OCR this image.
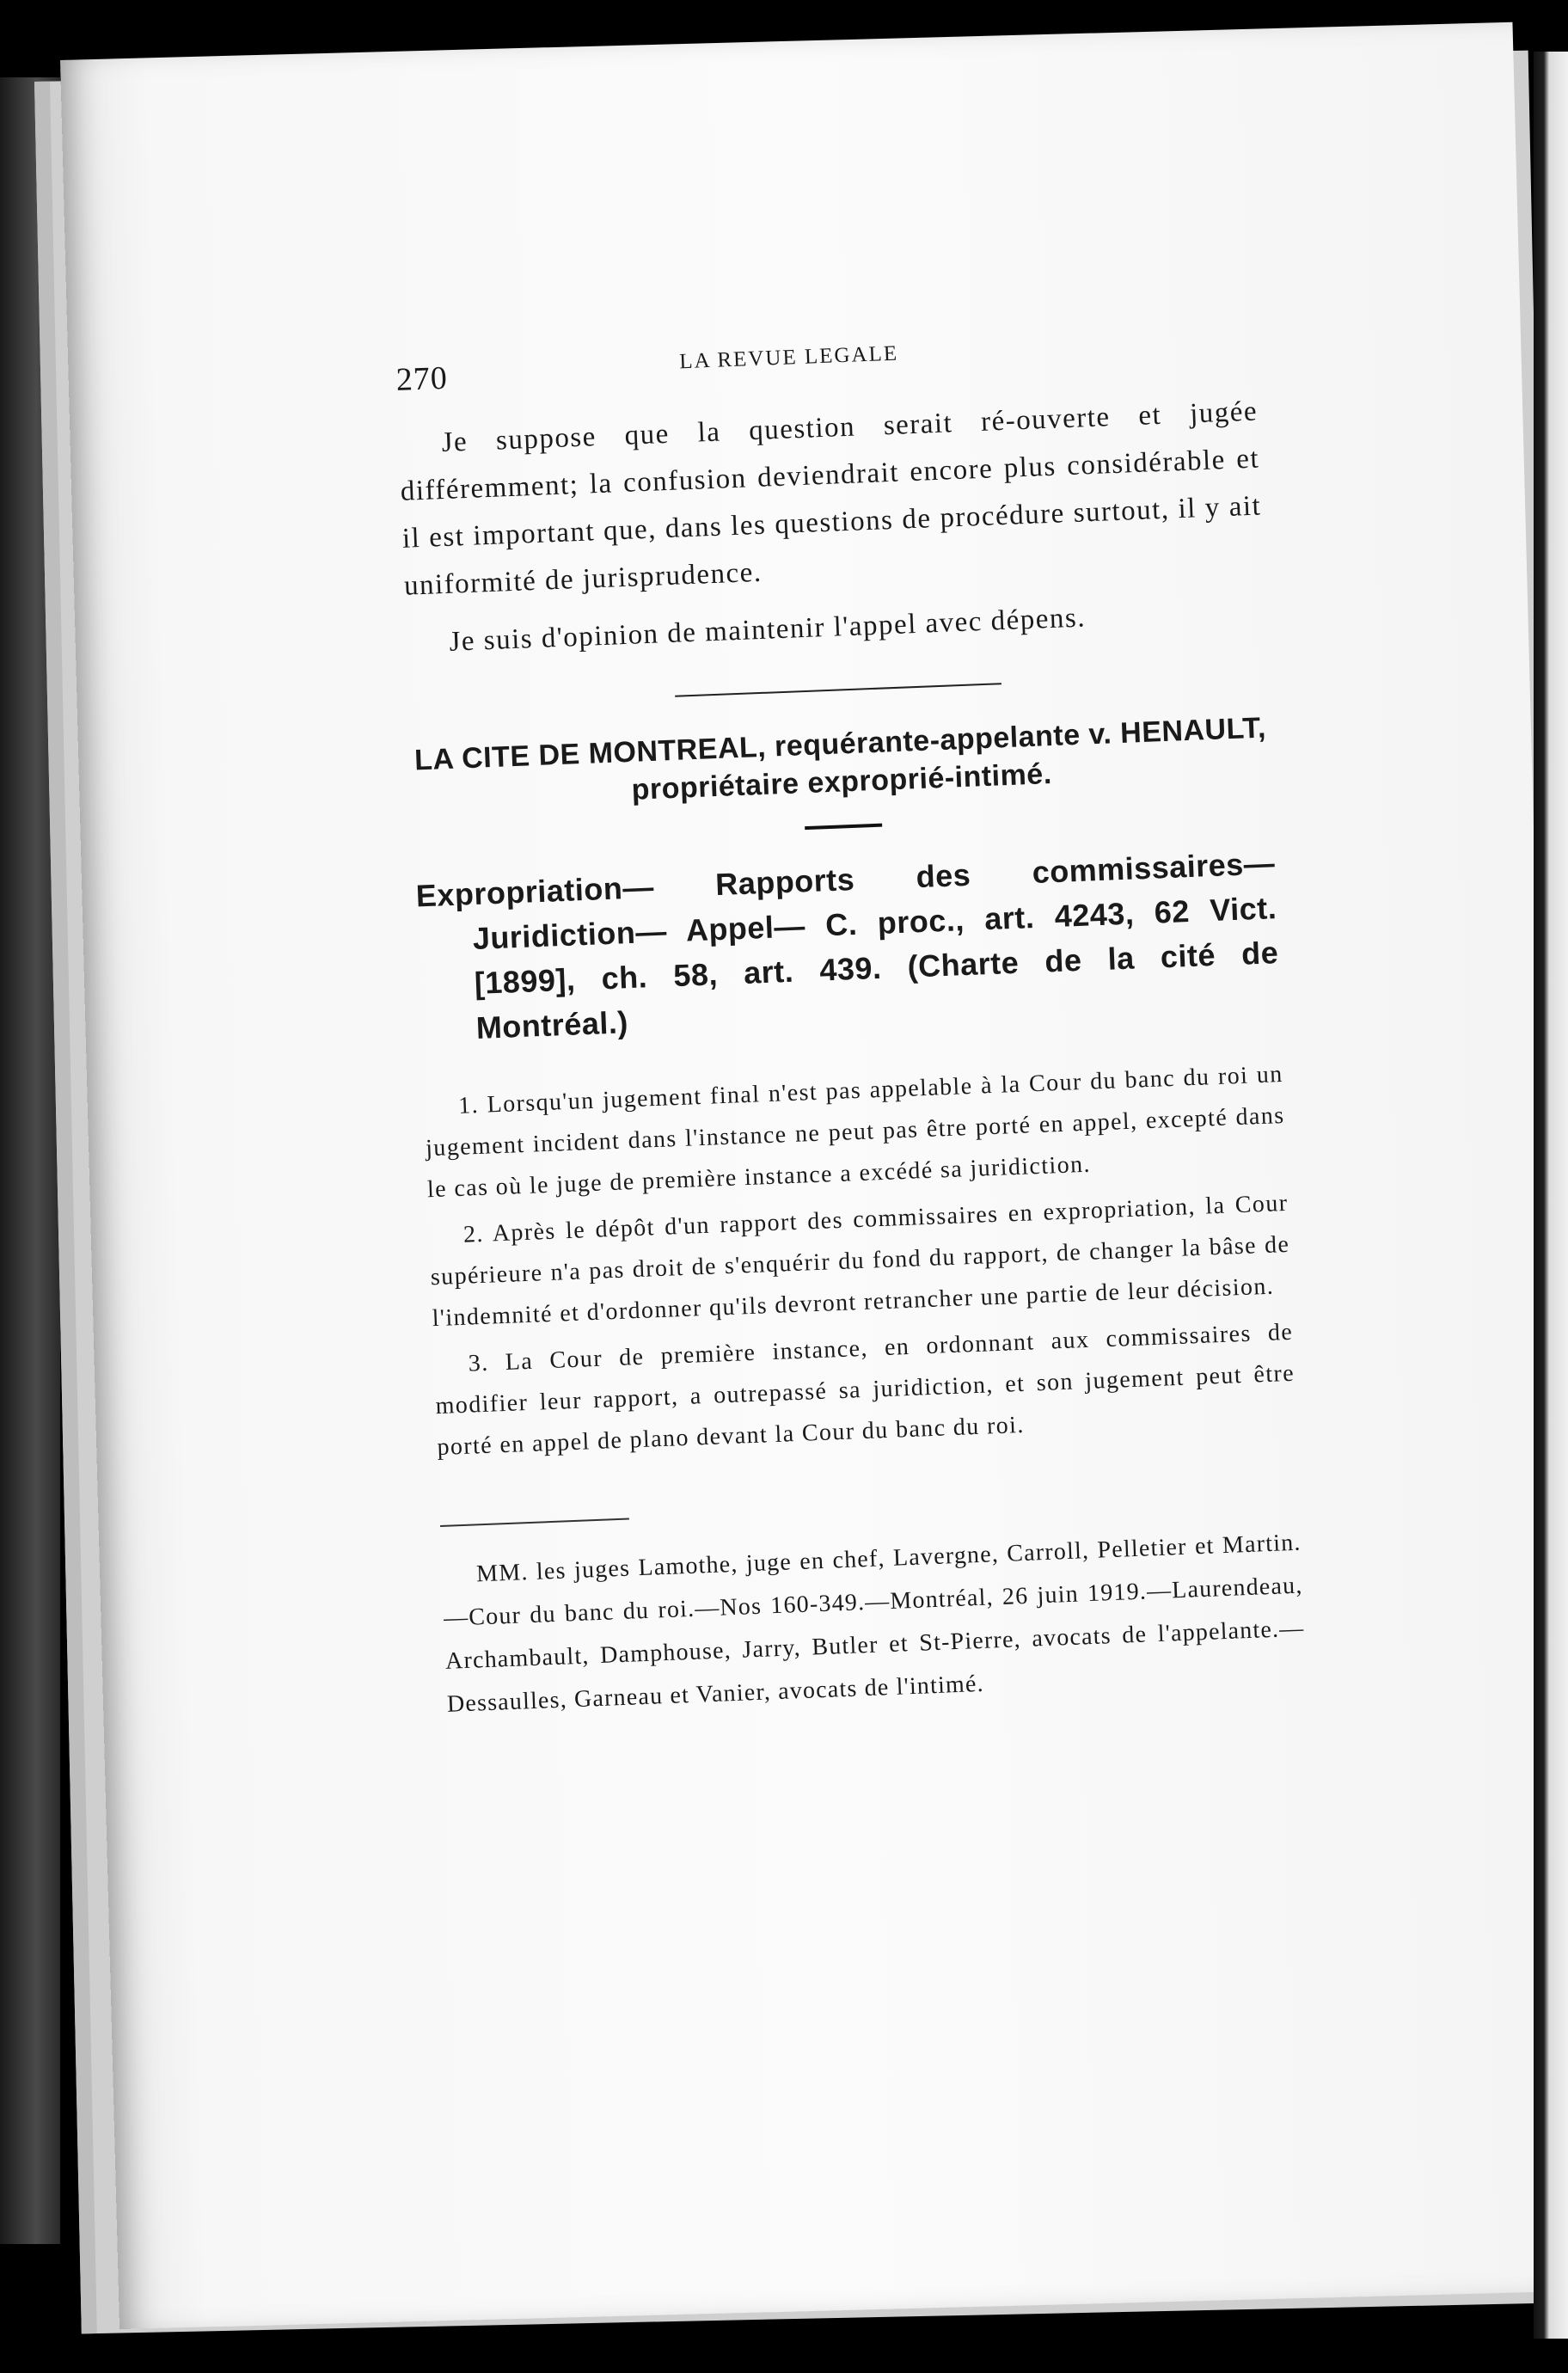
270
LA REVUE LEGALE

Je suppose que la question serait ré-ouverte et jugée différemment; la confusion deviendrait encore plus considérable et il est important que, dans les questions de procédure surtout, il y ait uniformité de jurisprudence.

Je suis d'opinion de maintenir l'appel avec dépens.

LA CITE DE MONTREAL, requérante-appelante v. HENAULT, propriétaire exproprié-intimé.
Expropriation— Rapports des commissaires— Juridiction— Appel— C. proc., art. 4243, 62 Vict. [1899], ch. 58, art. 439. (Charte de la cité de Montréal.)

1. Lorsqu'un jugement final n'est pas appelable à la Cour du banc du roi un jugement incident dans l'instance ne peut pas être porté en appel, excepté dans le cas où le juge de première instance a excédé sa juridiction.

2. Après le dépôt d'un rapport des commissaires en expropriation, la Cour supérieure n'a pas droit de s'enquérir du fond du rapport, de changer la bâse de l'indemnité et d'ordonner qu'ils devront retrancher une partie de leur décision.

3. La Cour de première instance, en ordonnant aux commissaires de modifier leur rapport, a outrepassé sa juridiction, et son jugement peut être porté en appel de plano devant la Cour du banc du roi.

MM. les juges Lamothe, juge en chef, Lavergne, Carroll, Pelletier et Martin.—Cour du banc du roi.—Nos 160-349.—Montréal, 26 juin 1919.—Laurendeau, Archambault, Damphouse, Jarry, Butler et St-Pierre, avocats de l'appelante.—Dessaulles, Garneau et Vanier, avocats de l'intimé.
